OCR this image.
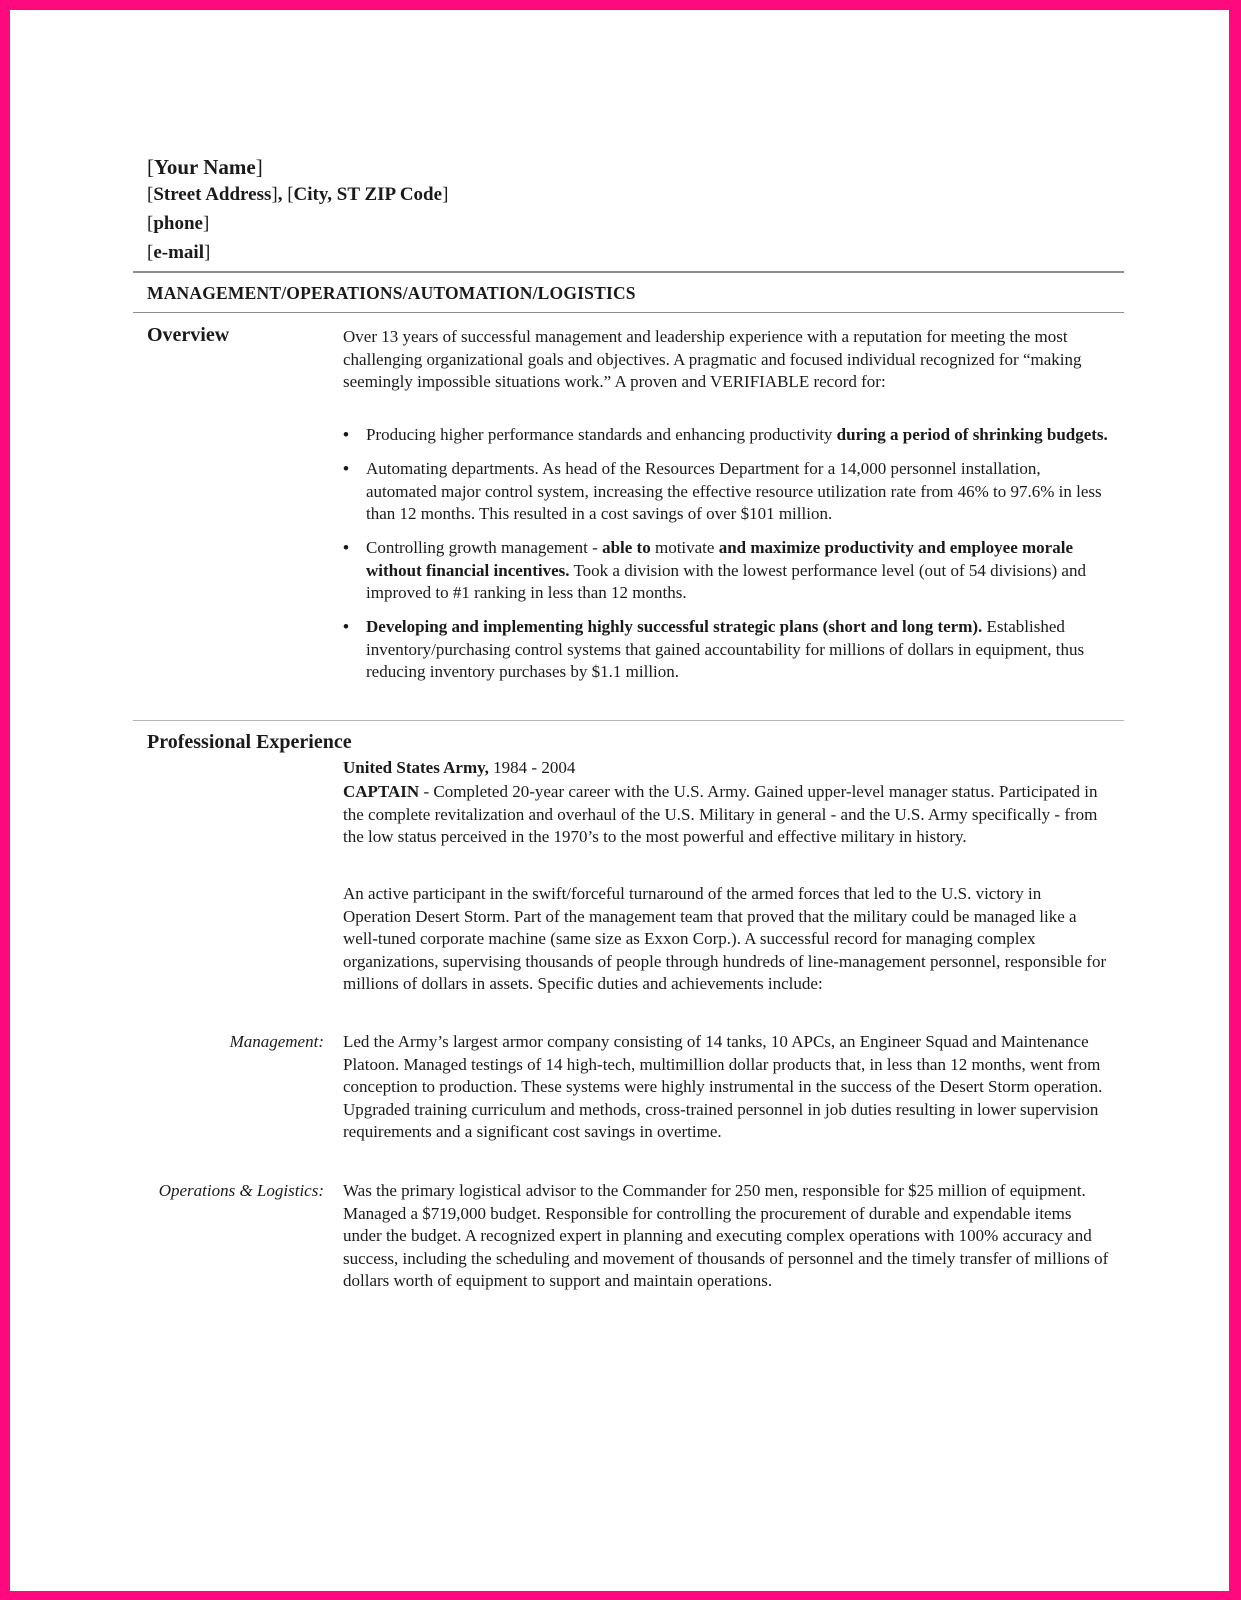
[Your Name]
[Street Address], [City, ST ZIP Code]
[phone]
[e-mail]
MANAGEMENT/OPERATIONS/AUTOMATION/LOGISTICS
Overview	Over 13 years of successful management and leadership experience with a reputation for meeting the most challenging organizational goals and objectives. A pragmatic and focused individual recognized for “making seemingly impossible situations work.” A proven and VERIFIABLE record for:
• Producing higher performance standards and enhancing productivity during a period of shrinking budgets.
• Automating departments. As head of the Resources Department for a 14,000 personnel installation, automated major control system, increasing the effective resource utilization rate from 46% to 97.6% in less than 12 months. This resulted in a cost savings of over $101 million.
• Controlling growth management - able to motivate and maximize productivity and employee morale without financial incentives. Took a division with the lowest performance level (out of 54 divisions) and improved to #1 ranking in less than 12 months.
• Developing and implementing highly successful strategic plans (short and long term). Established inventory/purchasing control systems that gained accountability for millions of dollars in equipment, thus reducing inventory purchases by $1.1 million.
Professional Experience
United States Army, 1984 - 2004
CAPTAIN - Completed 20-year career with the U.S. Army. Gained upper-level manager status. Participated in the complete revitalization and overhaul of the U.S. Military in general - and the U.S. Army specifically - from the low status perceived in the 1970’s to the most powerful and effective military in history.
An active participant in the swift/forceful turnaround of the armed forces that led to the U.S. victory in Operation Desert Storm. Part of the management team that proved that the military could be managed like a well-tuned corporate machine (same size as Exxon Corp.). A successful record for managing complex organizations, supervising thousands of people through hundreds of line-management personnel, responsible for millions of dollars in assets. Specific duties and achievements include:
Management: Led the Army’s largest armor company consisting of 14 tanks, 10 APCs, an Engineer Squad and Maintenance Platoon. Managed testings of 14 high-tech, multimillion dollar products that, in less than 12 months, went from conception to production. These systems were highly instrumental in the success of the Desert Storm operation. Upgraded training curriculum and methods, cross-trained personnel in job duties resulting in lower supervision requirements and a significant cost savings in overtime.
Operations & Logistics: Was the primary logistical advisor to the Commander for 250 men, responsible for $25 million of equipment. Managed a $719,000 budget. Responsible for controlling the procurement of durable and expendable items under the budget. A recognized expert in planning and executing complex operations with 100% accuracy and success, including the scheduling and movement of thousands of personnel and the timely transfer of millions of dollars worth of equipment to support and maintain operations.
